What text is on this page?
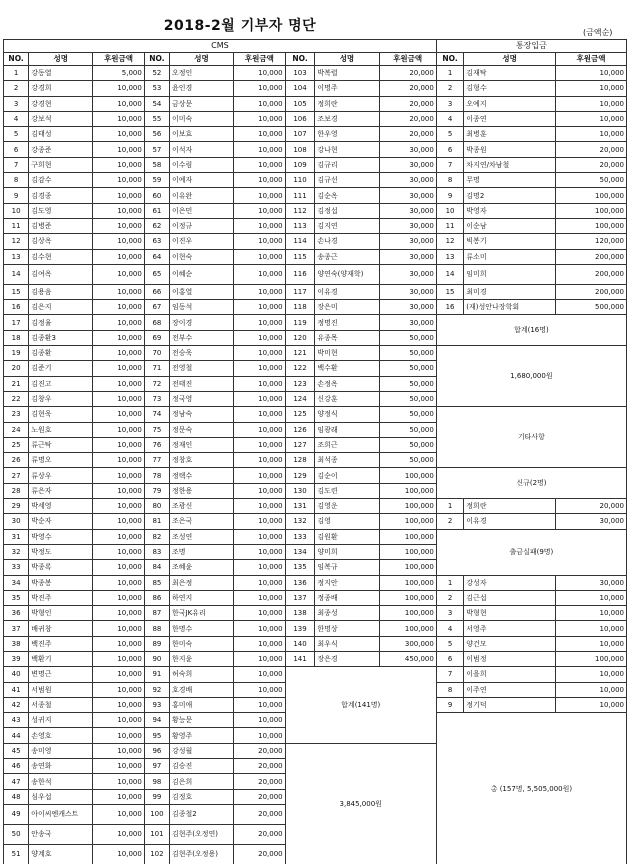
2018-2월 기부자 명단	(금액순)
CMS									통장입금		
NO.	성명	후원금액	NO.	성명	후원금액	NO.	성명	후원금액	NO.	성명	후원금액
1	강동열	5,000	52	오정인	10,000	103	박복렬	20,000	1	김재탁	10,000
2	강경희	10,000	53	윤인경	10,000	104	이명주	20,000	2	김형수	10,000
3	강경현	10,000	54	금상문	10,000	105	정희란	20,000	3	오예지	10,000
4	강보석	10,000	55	이미숙	10,000	106	조보경	20,000	4	이종연	10,000
5	김태성	10,000	56	이보효	10,000	107	한우영	20,000	5	최병훈	10,000
6	강종준	10,000	57	이석자	10,000	108	강나현	30,000	6	박종원	20,000
7	구희현	10,000	58	이수림	10,000	109	김규리	30,000	7	차지연/차남철	20,000
8	김감수	10,000	59	이예자	10,000	110	김규선	30,000	8	무명	50,000
9	김경종	10,000	60	이유완	10,000	111	김순옥	30,000	9	김명2	100,000
10	김도영	10,000	61	이은민	10,000	112	김정섭	30,000	10	박영자	100,000
11	김병준	10,000	62	이정규	10,000	113	김지연	30,000	11	이순남	100,000
12	김상옥	10,000	63	이진우	10,000	114	손나경	30,000	12	빅봉기	120,000
13	김수현	10,000	64	이현숙	10,000	115	송종근	30,000	13	류소미	200,000
14	김여옥	10,000	65	이혜순	10,000	116	양연숙(양재학)	30,000	14	임미희	200,000
15	김용음	10,000	66	이홍열	10,000	117	이유경	30,000	15	최미경	200,000
16	김은지	10,000	67	임동석	10,000	118	장은미	30,000	16	(재)성안나장학회	500,000
17	김정율	10,000	68	장이경	10,000	119	정명진	30,000	합계(16명)		
18	김종환3	10,000	69	전부수	10,000	120	유종목	50,000			
19	김종환	10,000	70	전승욱	10,000	121	박미현	50,000	1,680,000원		
20	김준기	10,000	71	전영철	10,000	122	백수환	50,000			
21	김진고	10,000	72	전태진	10,000	123	손정옥	50,000			
22	김창우	10,000	73	정국영	10,000	124	신강훈	50,000			
23	김현욱	10,000	74	정남숙	10,000	125	양정식	50,000	기타사항		
24	노원호	10,000	75	정문숙	10,000	126	임광래	50,000			
25	류근탁	10,000	76	정재인	10,000	127	조희근	50,000			
26	류명오	10,000	77	정창호	10,000	128	최석종	50,000			
27	류상우	10,000	78	정택수	10,000	129	김순이	100,000	신규(2명)		
28	류은자	10,000	79	정한용	10,000	130	김도련	100,000			
29	박세영	10,000	80	조광신	10,000	131	김영운	100,000	1	정희란	20,000
30	박순자	10,000	81	조은국	10,000	132	김영	100,000	2	이유경	30,000
31	박영수	10,000	82	조성연	10,000	133	김원환	100,000	출금실패(9명)		
32	박정도	10,000	83	조명	10,000	134	양미희	100,000			
33	박종록	10,000	84	조혜윤	10,000	135	임복규	100,000			
34	박종봉	10,000	85	최은정	10,000	136	정지안	100,000	1	강성자	30,000
35	박진주	10,000	86	하연지	10,000	137	정종배	100,000	2	김근섭	10,000
36	박형인	10,000	87	한국JK유리	10,000	138	최종성	100,000	3	박형현	10,000
37	배귀창	10,000	88	한명수	10,000	139	한명상	100,000	4	서영주	10,000
38	백진주	10,000	89	한미숙	10,000	140	최우식	300,000	5	양건모	10,000
39	백환기	10,000	90	한지윤	10,000	141	장은경	450,000	6	이범정	100,000
40	변명근	10,000	91	허숙희	10,000	합계(141명)			7	이을희	10,000
41	서범원	10,000	92	호경배	10,000				8	이주연	10,000
42	서종철	10,000	93	홍미애	10,000				9	정기덕	10,000
43	성귀지	10,000	94	황능문	10,000				총 (157명, 5,505,000원)		
44	손영호	10,000	95	황영주	10,000						
45	송미영	10,000	96	강성월	20,000	3,845,000원					
46	송연화	10,000	97	김승진	20,000						
47	송한석	10,000	98	김은희	20,000						
48	심우섭	10,000	99	김정호	20,000						
49	아이씨엔캐스트	10,000	100	김종철2	20,000						
50	안송국	10,000	101	김현주(오정연)	20,000						
51	양계호	10,000	102	김현주(오정용)	20,000						
